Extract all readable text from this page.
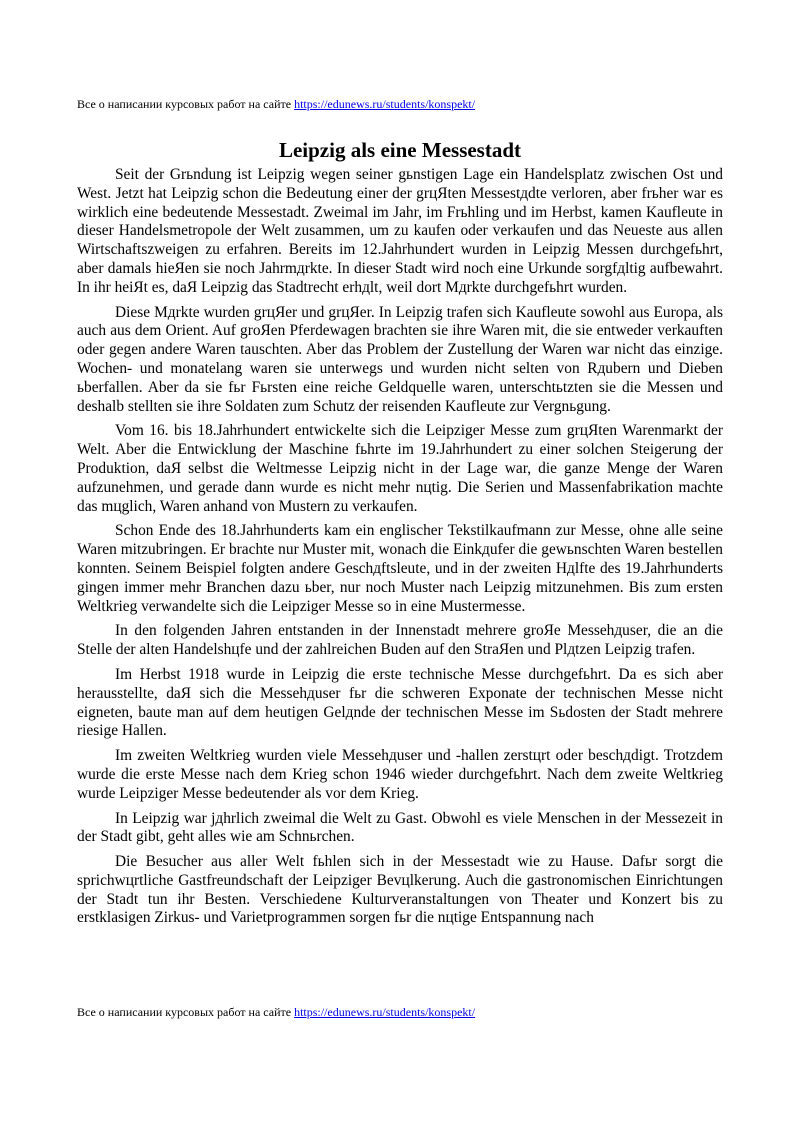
Все о написании курсовых работ на сайте https://edunews.ru/students/konspekt/
Leipzig als eine Messestadt

Seit der Grьndung ist Leipzig wegen seiner gьnstigen Lage ein Handelsplatz zwischen Ost und West. Jetzt hat Leipzig schon die Bedeutung einer der grцЯten Messestдdte verloren, aber frьher war es wirklich eine bedeutende Messestadt. Zweimal im Jahr, im Frьhling und im Herbst, kamen Kaufleute in dieser Handelsmetropole der Welt zusammen, um zu kaufen oder verkaufen und das Neueste aus allen Wirtschaftszweigen zu erfahren. Bereits im 12.Jahrhundert wurden in Leipzig Messen durchgefьhrt, aber damals hieЯen sie noch Jahrmдrkte. In dieser Stadt wird noch eine Urkunde sorgfдltig aufbewahrt. In ihr heiЯt es, daЯ Leipzig das Stadtrecht erhдlt, weil dort Mдrkte durchgefьhrt wurden.

Diese Mдrkte wurden grцЯer und grцЯer. In Leipzig trafen sich Kaufleute sowohl aus Europa, als auch aus dem Orient. Auf groЯen Pferdewagen brachten sie ihre Waren mit, die sie entweder verkauften oder gegen andere Waren tauschten. Aber das Problem der Zustellung der Waren war nicht das einzige. Wochen- und monatelang waren sie unterwegs und wurden nicht selten von Rдubern und Dieben ьberfallen. Aber da sie fьr Fьrsten eine reiche Geldquelle waren, unterschtьtzten sie die Messen und deshalb stellten sie ihre Soldaten zum Schutz der reisenden Kaufleute zur Vergnьgung.

Vom 16. bis 18.Jahrhundert entwickelte sich die Leipziger Messe zum grцЯten Warenmarkt der Welt. Aber die Entwicklung der Maschine fьhrte im 19.Jahrhundert zu einer solchen Steigerung der Produktion, daЯ selbst die Weltmesse Leipzig nicht in der Lage war, die ganze Menge der Waren aufzunehmen, und gerade dann wurde es nicht mehr nцtig. Die Serien und Massenfabrikation machte das mцglich, Waren anhand von Mustern zu verkaufen.

Schon Ende des 18.Jahrhunderts kam ein englischer Tekstilkaufmann zur Messe, ohne alle seine Waren mitzubringen. Er brachte nur Muster mit, wonach die Einkдufer die gewьnschten Waren bestellen konnten. Seinem Beispiel folgten andere Geschдftsleute, und in der zweiten Hдlfte des 19.Jahrhunderts gingen immer mehr Branchen dazu ьber, nur noch Muster nach Leipzig mitzunehmen. Bis zum ersten Weltkrieg verwandelte sich die Leipziger Messe so in eine Mustermesse.

In den folgenden Jahren entstanden in der Innenstadt mehrere groЯe Messehдuser, die an die Stelle der alten Handelshцfe und der zahlreichen Buden auf den StraЯen und Plдtzen Leipzig trafen.

Im Herbst 1918 wurde in Leipzig die erste technische Messe durchgefьhrt. Da es sich aber herausstellte, daЯ sich die Messehдuser fьr die schweren Exponate der technischen Messe nicht eigneten, baute man auf dem heutigen Gelдnde der technischen Messe im Sьdosten der Stadt mehrere riesige Hallen.

Im zweiten Weltkrieg wurden viele Messehдuser und -hallen zerstцrt oder beschдdigt. Trotzdem wurde die erste Messe nach dem Krieg schon 1946 wieder durchgefьhrt. Nach dem zweite Weltkrieg wurde Leipziger Messe bedeutender als vor dem Krieg.

In Leipzig war jдhrlich zweimal die Welt zu Gast. Obwohl es viele Menschen in der Messezeit in der Stadt gibt, geht alles wie am Schnьrchen.

Die Besucher aus aller Welt fьhlen sich in der Messestadt wie zu Hause. Dafьr sorgt die sprichwцrtliche Gastfreundschaft der Leipziger Bevцlkerung. Auch die gastronomischen Einrichtungen der Stadt tun ihr Besten. Verschiedene Kulturveranstaltungen von Theater und Konzert bis zu erstklasigen Zirkus- und Varietprogrammen sorgen fьr die nцtige Entspannung nach

Все о написании курсовых работ на сайте https://edunews.ru/students/konspekt/
